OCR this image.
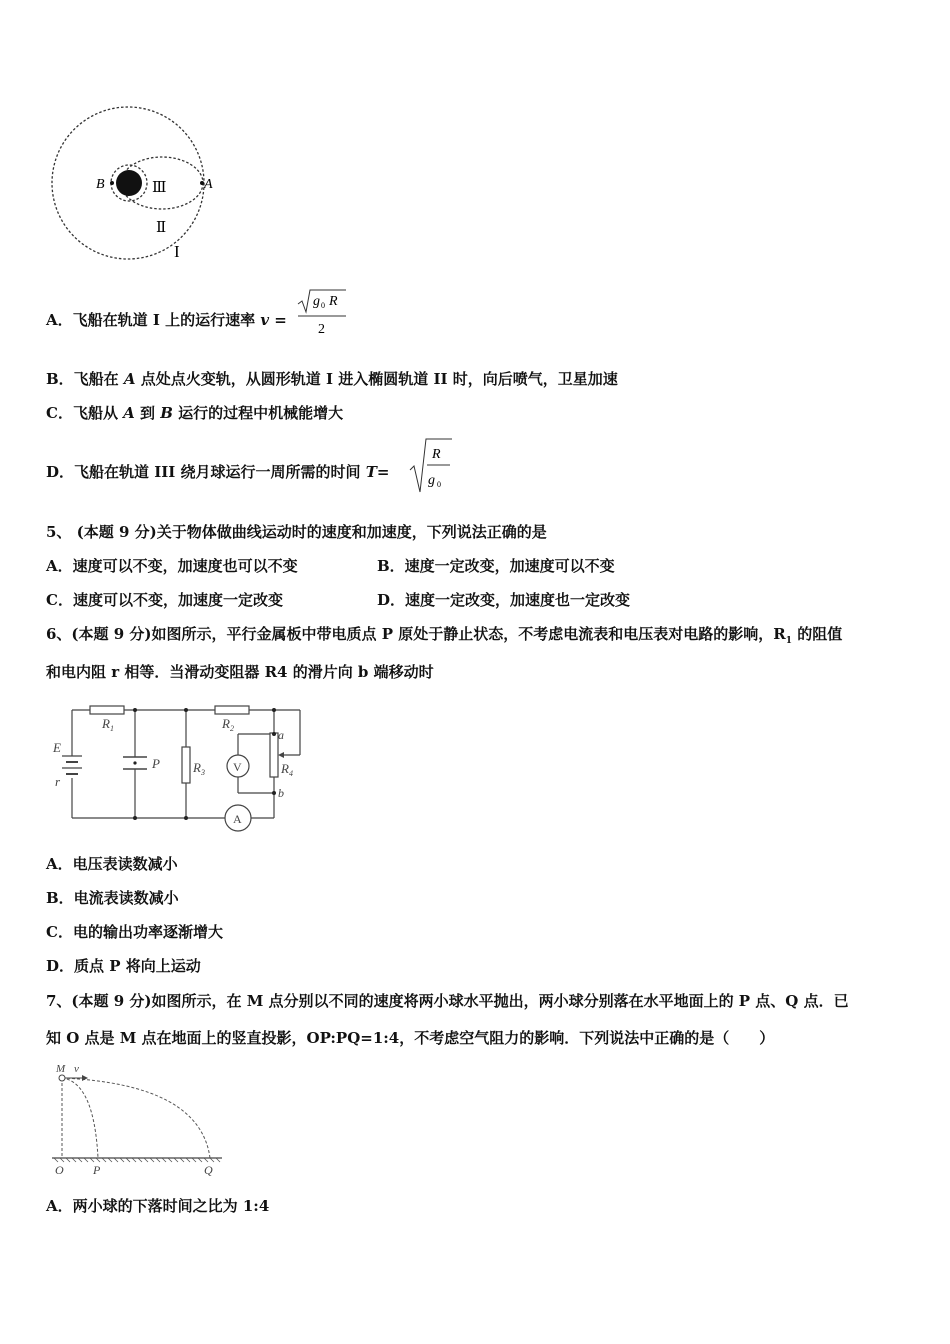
B	A
Ⅲ
Ⅱ
I
A．飞船在轨道 I 上的运行速率 v =
g 0 R
2
B．飞船在 A 点处点火变轨，从圆形轨道 I 进入椭圆轨道 II 时，向后喷气，卫星加速
C．飞船从 A 到 B 运行的过程中机械能增大
D．飞船在轨道 III 绕月球运行一周所需的时间 T=
R
g 0
5、 (本题 9 分)关于物体做曲线运动时的速度和加速度，下列说法正确的是
A．速度可以不变，加速度也可以不变	B．速度一定改变，加速度可以不变
C．速度可以不变，加速度一定改变	D．速度一定改变，加速度也一定改变
6、(本题 9 分)如图所示，平行金属板中带电质点 P 原处于静止状态，不考虑电流表和电压表对电路的影响，$R_1$ 的阻值
和电内阻 r 相等．当滑动变阻器 R4 的滑片向 b 端移动时
E
r
$R_1$
P	$R_3$
$R_2$
V	$R_4$
a
b
A
A．电压表读数减小
B．电流表读数减小
C．电的输出功率逐渐增大
D．质点 P 将向上运动
7、(本题 9 分)如图所示，在 M 点分别以不同的速度将两小球水平抛出，两小球分别落在水平地面上的 P 点、Q 点．已
知 O 点是 M 点在地面上的竖直投影，OP:PQ=1:4，不考虑空气阻力的影响．下列说法中正确的是（　　）
M v
O P	Q
A．两小球的下落时间之比为 1:4
